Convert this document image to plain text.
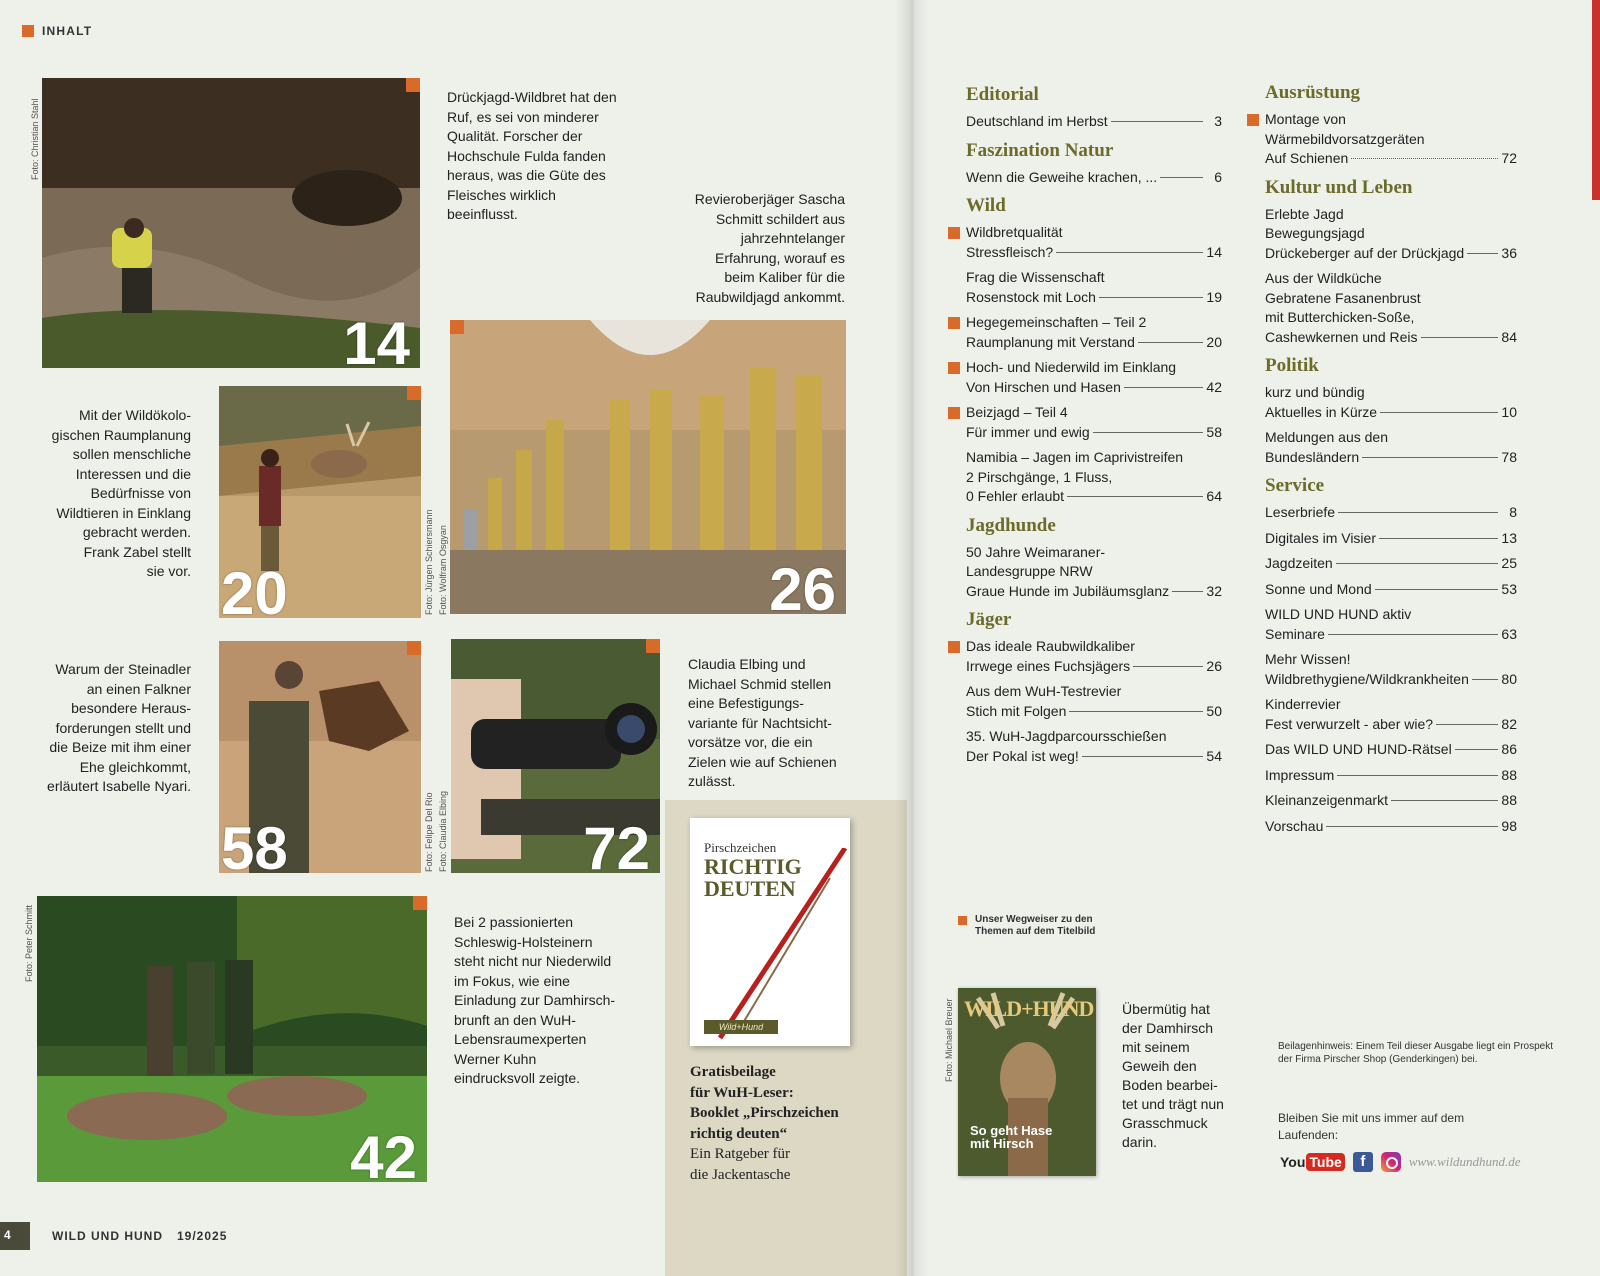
INHALT
14
Foto: Christian Stahl
Drückjagd-Wildbret hat den
Ruf, es sei von minderer
Qualität. Forscher der
Hochschule Fulda fanden
heraus, was die Güte des
Fleisches wirklich
beeinflusst.
Revieroberjäger Sascha
Schmitt schildert aus
jahrzehntelanger
Erfahrung, worauf es
beim Kaliber für die
Raubwildjagd ankommt.
20	Foto: Jürgen Schiersmann Foto: Wolfram Osgyan
Mit der Wildökolo-
gischen Raumplanung
sollen menschliche
Interessen und die
Bedürfnisse von
Wildtieren in Einklang
gebracht werden.
Frank Zabel stellt
sie vor.	26
58	Foto: Felipe Del Rio Foto: Claudia Elbing
Warum der Steinadler
an einen Falkner
besondere Heraus-
forderungen stellt und
die Beize mit ihm einer
Ehe gleichkommt,
erläutert Isabelle Nyari.
72
Claudia Elbing und
Michael Schmid stellen
eine Befestigungs-
variante für Nachtsicht-
vorsätze vor, die ein
Zielen wie auf Schienen
zulässt.
42
Foto: Peter Schmitt	Bei 2 passionierten
Schleswig-Holsteinern
steht nicht nur Niederwild
im Fokus, wie eine
Einladung zur Damhirsch-
brunft an den WuH-
Lebensraumexperten
Werner Kuhn
eindrucksvoll zeigte.
Pirschzeichen
RICHTIG
DEUTEN
Wild+Hund
Gratisbeilage
für WuH-Leser:
Booklet „Pirschzeichen
richtig deuten“
Ein Ratgeber für
die Jackentasche
4	WILD UND HUND 19/2025
Editorial
Deutschland im Herbst	3
Faszination Natur
Wenn die Geweihe krachen, ...	6
Wild
Wildbretqualität
Stressfleisch?	14
Frag die Wissenschaft
Rosenstock mit Loch	19
Hegegemeinschaften – Teil 2
Raumplanung mit Verstand	20
Hoch- und Niederwild im Einklang
Von Hirschen und Hasen	42
Beizjagd – Teil 4
Für immer und ewig	58
Namibia – Jagen im Caprivistreifen
2 Pirschgänge, 1 Fluss,
0 Fehler erlaubt	64
Jagdhunde
50 Jahre Weimaraner-
Landesgruppe NRW
Graue Hunde im Jubiläumsglanz	32
Jäger
Das ideale Raubwildkaliber
Irrwege eines Fuchsjägers	26
Aus dem WuH-Testrevier
Stich mit Folgen	50
35. WuH-Jagdparcoursschießen
Der Pokal ist weg!	54
Ausrüstung
Montage von
Wärmebildvorsatzgeräten
Auf Schienen	72
Kultur und Leben
Erlebte Jagd
Bewegungsjagd
Drückeberger auf der Drückjagd	36
Aus der Wildküche
Gebratene Fasanenbrust
mit Butterchicken-Soße,
Cashewkernen und Reis	84
Politik
kurz und bündig
Aktuelles in Kürze	10
Meldungen aus den
Bundesländern	78
Service
Leserbriefe	8
Digitales im Visier	13
Jagdzeiten	25
Sonne und Mond	53
WILD UND HUND aktiv
Seminare	63
Mehr Wissen!
Wildbrethygiene/Wildkrankheiten 80
Kinderrevier
Fest verwurzelt - aber wie?	82
Das WILD UND HUND-Rätsel	86
Impressum	88
Kleinanzeigenmarkt	88
Vorschau	98
Unser Wegweiser zu den
Themen auf dem Titelbild
Foto: Michael Breuer WILD+HUND
So geht Hase
mit Hirsch
Übermütig hat
der Damhirsch
mit seinem
Geweih den
Boden bearbei-
tet und trägt nun
Grasschmuck
darin.
Beilagenhinweis: Einem Teil dieser Ausgabe liegt ein Prospekt der Firma Pirscher Shop (Genderkingen) bei.
Bleiben Sie mit uns immer auf dem
Laufenden:
You Tube	f	www.wildundhund.de
